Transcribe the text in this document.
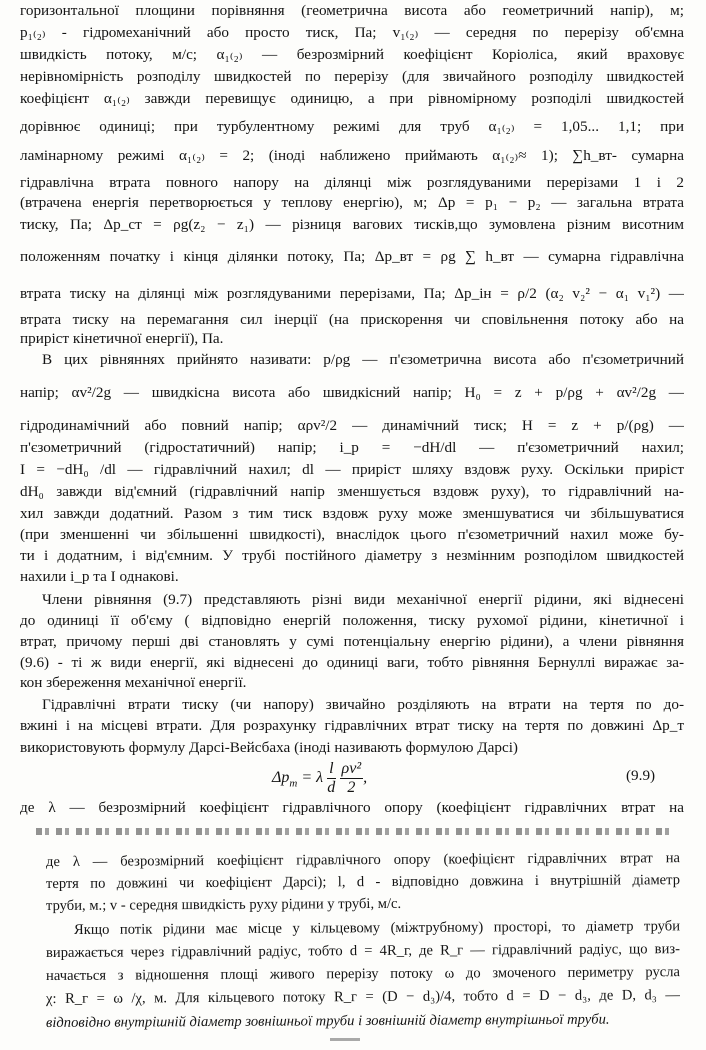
горизонтальної площини порівняння (геометрична висота або геометричний напір), м;
p₁₍₂₎ - гідромеханічний або просто тиск, Па; v₁₍₂₎ — середня по перерізу об'ємна
швидкість потоку, м/с; α₁₍₂₎ — безрозмірний коефіцієнт Коріоліса, який враховує
нерівномірність розподілу швидкостей по перерізу (для звичайного розподілу швидкостей
коефіцієнт α₁₍₂₎ завжди перевищує одиницю, а при рівномірному розподілі швидкостей
дорівнює одиниці; при турбулентному режимі для труб α₁₍₂₎ = 1,05... 1,1; при
ламінарному режимі α₁₍₂₎ = 2; (іноді наближено приймають α₁₍₂₎≈ 1); ∑h_вт- сумарна
гідравлічна втрата повного напору на ділянці між розглядуваними перерізами 1 і 2
(втрачена енергія перетворюється у теплову енергію), м; Δp = p₁ − p₂ — загальна втрата
тиску, Па; Δp_ст = ρg(z₂ − z₁) — різниця вагових тисків,що зумовлена різним висотним
положенням початку і кінця ділянки потоку, Па; Δp_вт = ρg ∑ h_вт — сумарна гідравлічна
втрата тиску на ділянці між розглядуваними перерізами, Па; Δp_ін = ρ/2 (α₂ v₂² − α₁ v₁²) —
втрата тиску на перемагання сил інерції (на прискорення чи сповільнення потоку або на
приріст кінетичної енергії), Па.
В цих рівняннях прийнято називати: p/ρg — п'єзометрична висота або п'єзометричний
напір; αv²/2g — швидкісна висота або швидкісний напір; H₀ = z + p/ρg + αv²/2g —
гідродинамічний або повний напір; αρv²/2 — динамічний тиск; H = z + p/(ρg) —
п'єзометричний (гідростатичний) напір; i_p = −dH/dl — п'єзометричний нахил;
I = −dH₀ /dl — гідравлічний нахил; dl — приріст шляху вздовж руху. Оскільки приріст
dH₀ завжди від'ємний (гідравлічний напір зменшується вздовж руху), то гідравлічний на-
хил завжди додатний. Разом з тим тиск вздовж руху може зменшуватися чи збільшуватися
(при зменшенні чи збільшенні швидкості), внаслідок цього п'єзометричний нахил може бу-
ти і додатним, і від'ємним. У трубі постійного діаметру з незмінним розподілом швидкостей
нахили i_p та I однакові.
Члени рівняння (9.7) представляють різні види механічної енергії рідини, які віднесені
до одиниці її об'єму ( відповідно енергій положення, тиску рухомої рідини, кінетичної і
втрат, причому перші дві становлять у сумі потенціальну енергію рідини), а члени рівняння
(9.6) - ті ж види енергії, які віднесені до одиниці ваги, тобто рівняння Бернуллі виражає за-
кон збереження механічної енергії.
Гідравлічні втрати тиску (чи напору) звичайно розділяють на втрати на тертя по до-
вжині і на місцеві втрати. Для розрахунку гідравлічних втрат тиску на тертя по довжині Δp_т
використовують формулу Дарсі-Вейсбаха (іноді називають формулою Дарсі)
$\Delta p_т = \lambda \frac{l}{d}$
$\frac{\text{ρv²}}{2}$ ,	(9.9)
де λ — безрозмірний коефіцієнт гідравлічного опору (коефіцієнт гідравлічних втрат на
де λ — безрозмірний коефіцієнт гідравлічного опору (коефіцієнт гідравлічних втрат на
тертя по довжині чи коефіцієнт Дарсі); l, d - відповідно довжина і внутрішній діаметр
труби, м.; v - середня швидкість руху рідини у трубі, м/с.
Якщо потік рідини має місце у кільцевому (міжтрубному) просторі, то діаметр труби
виражається через гідравлічний радіус, тобто d = 4R_г, де R_г — гідравлічний радіус, що виз-
начається з відношення площі живого перерізу потоку ω до змоченого периметру русла
χ: R_г = ω /χ, м. Для кільцевого потоку R_г = (D − d₃)/4, тобто d = D − d₃, де D, d₃ —
відповідно внутрішній діаметр зовнішньої труби і зовнішній діаметр внутрішньої труби.
